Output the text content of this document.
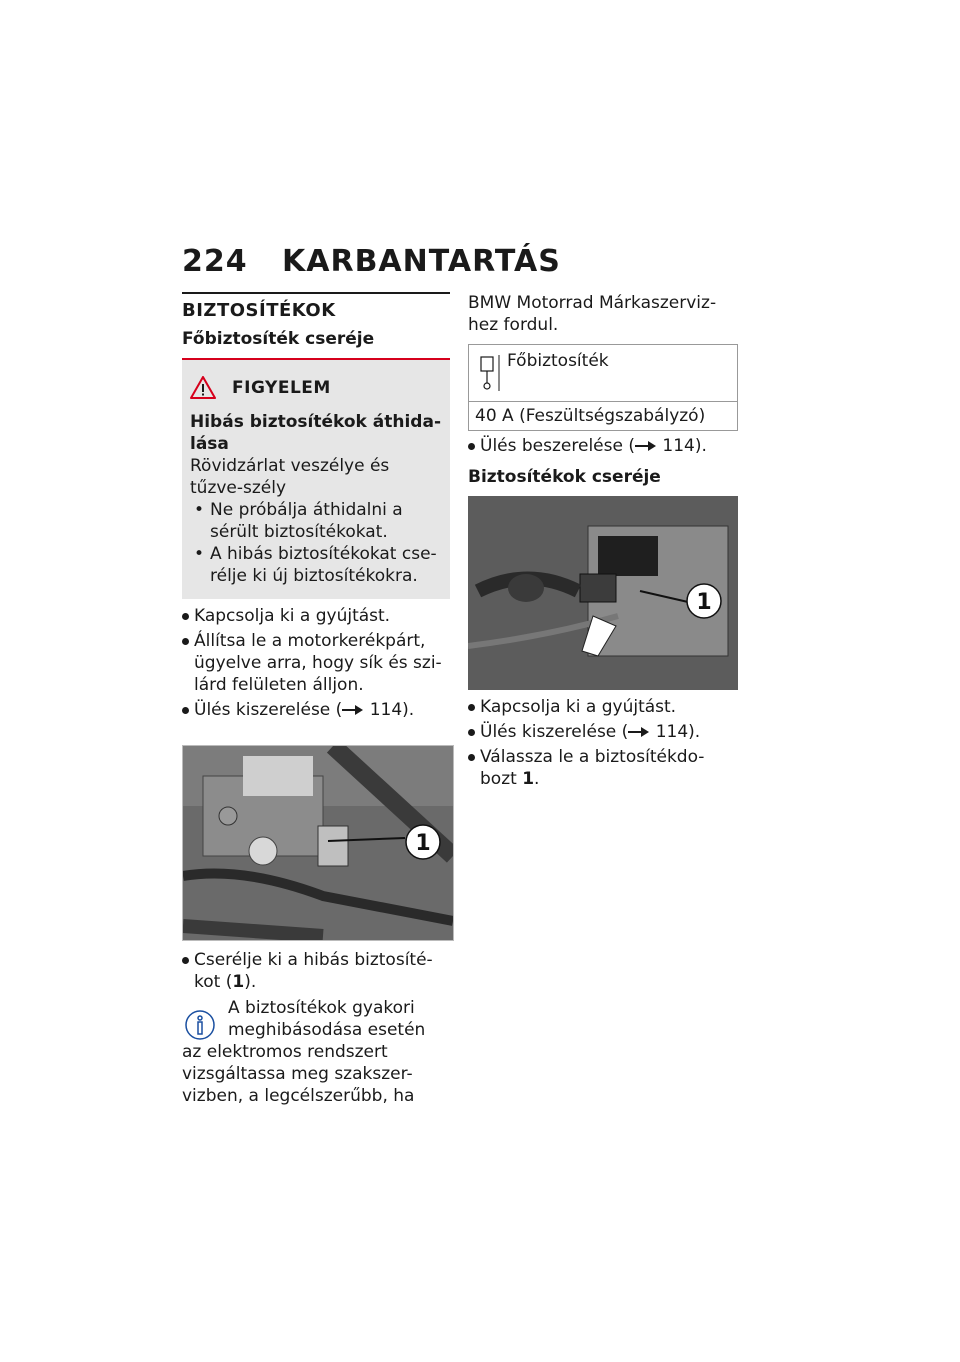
224 KARBANTARTÁS
BIZTOSÍTÉKOK
Főbiztosíték cseréje
FIGYELEM
Hibás biztosítékok áthida-lása
Rövidzárlat veszélye és tűzve-szély
• Ne próbálja áthidalni a sérült biztosítékokat.
• A hibás biztosítékokat cse-rélje ki új biztosítékokra.
Kapcsolja ki a gyújtást.
Állítsa le a motorkerékpárt, ügyelve arra, hogy sík és szi-lárd felületen álljon.
Ülés kiszerelése ( 114).
1
Cserélje ki a hibás biztosíté-kot (1).
A biztosítékok gyakori meghibásodása esetén
az elektromos rendszert vizsgáltassa meg szakszer-vizben, a legcélszerűbb, ha
BMW Motorrad Márkaszerviz-hez fordul.
Főbiztosíték
40 A (Feszültségszabályzó)
Ülés beszerelése ( 114).
Biztosítékok cseréje
1
Kapcsolja ki a gyújtást.
Ülés kiszerelése ( 114).
Válassza le a biztosítékdo-bozt 1.
